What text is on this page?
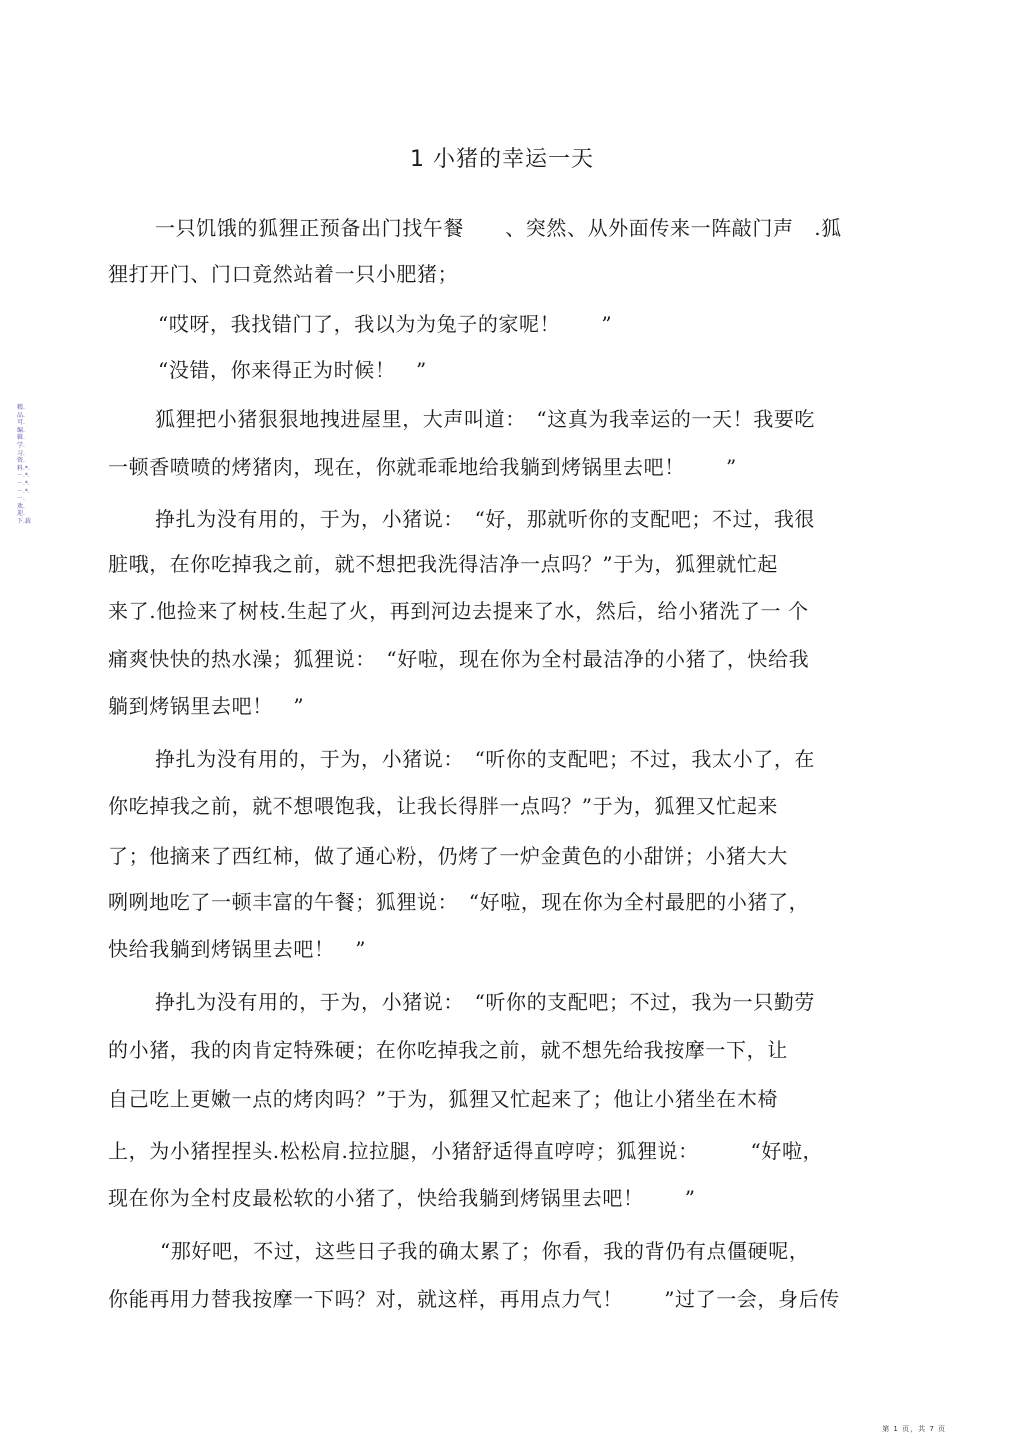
1 小猪的幸运一天
一只饥饿的狐狸正预备出门找午餐　　、突然、从外面传来一阵敲门声　.狐
狸打开门、门口竟然站着一只小肥猪；
“哎呀，我找错门了，我以为为兔子的家呢！　　”
“没错，你来得正为时候！　”
狐狸把小猪狠狠地拽进屋里，大声叫道：　“这真为我幸运的一天！我要吃
一顿香喷喷的烤猪肉，现在，你就乖乖地给我躺到烤锅里去吧！　　”
挣扎为没有用的，于为，小猪说：　“好，那就听你的支配吧；不过，我很
脏哦，在你吃掉我之前，就不想把我洗得洁净一点吗？”于为，狐狸就忙起
来了.他捡来了树枝.生起了火，再到河边去提来了水，然后，给小猪洗了一 个
痛爽快快的热水澡；狐狸说：　“好啦，现在你为全村最洁净的小猪了，快给我
躺到烤锅里去吧！　”
挣扎为没有用的，于为，小猪说：　“听你的支配吧；不过，我太小了，在
你吃掉我之前，就不想喂饱我，让我长得胖一点吗？”于为，狐狸又忙起来
了；他摘来了西红柿，做了通心粉，仍烤了一炉金黄色的小甜饼；小猪大大
咧咧地吃了一顿丰富的午餐；狐狸说：　“好啦，现在你为全村最肥的小猪了，
快给我躺到烤锅里去吧！　”
挣扎为没有用的，于为，小猪说：　“听你的支配吧；不过，我为一只勤劳
的小猪，我的肉肯定特殊硬；在你吃掉我之前，就不想先给我按摩一下，让
自己吃上更嫩一点的烤肉吗？”于为，狐狸又忙起来了；他让小猪坐在木椅
上，为小猪捏捏头.松松肩.拉拉腿，小猪舒适得直哼哼；狐狸说：　　　“好啦，
现在你为全村皮最松软的小猪了，快给我躺到烤锅里去吧！　　”
“那好吧，不过，这些日子我的确太累了；你看，我的背仍有点僵硬呢，
你能再用力替我按摩一下吗？对，就这样，再用点力气！　　”过了一会，身后传
精.品.可.编.辑.学.习.资.料.*.－.*.－.*.－.*.－.欢.迎.下.载
第 1 页，共 7 页
